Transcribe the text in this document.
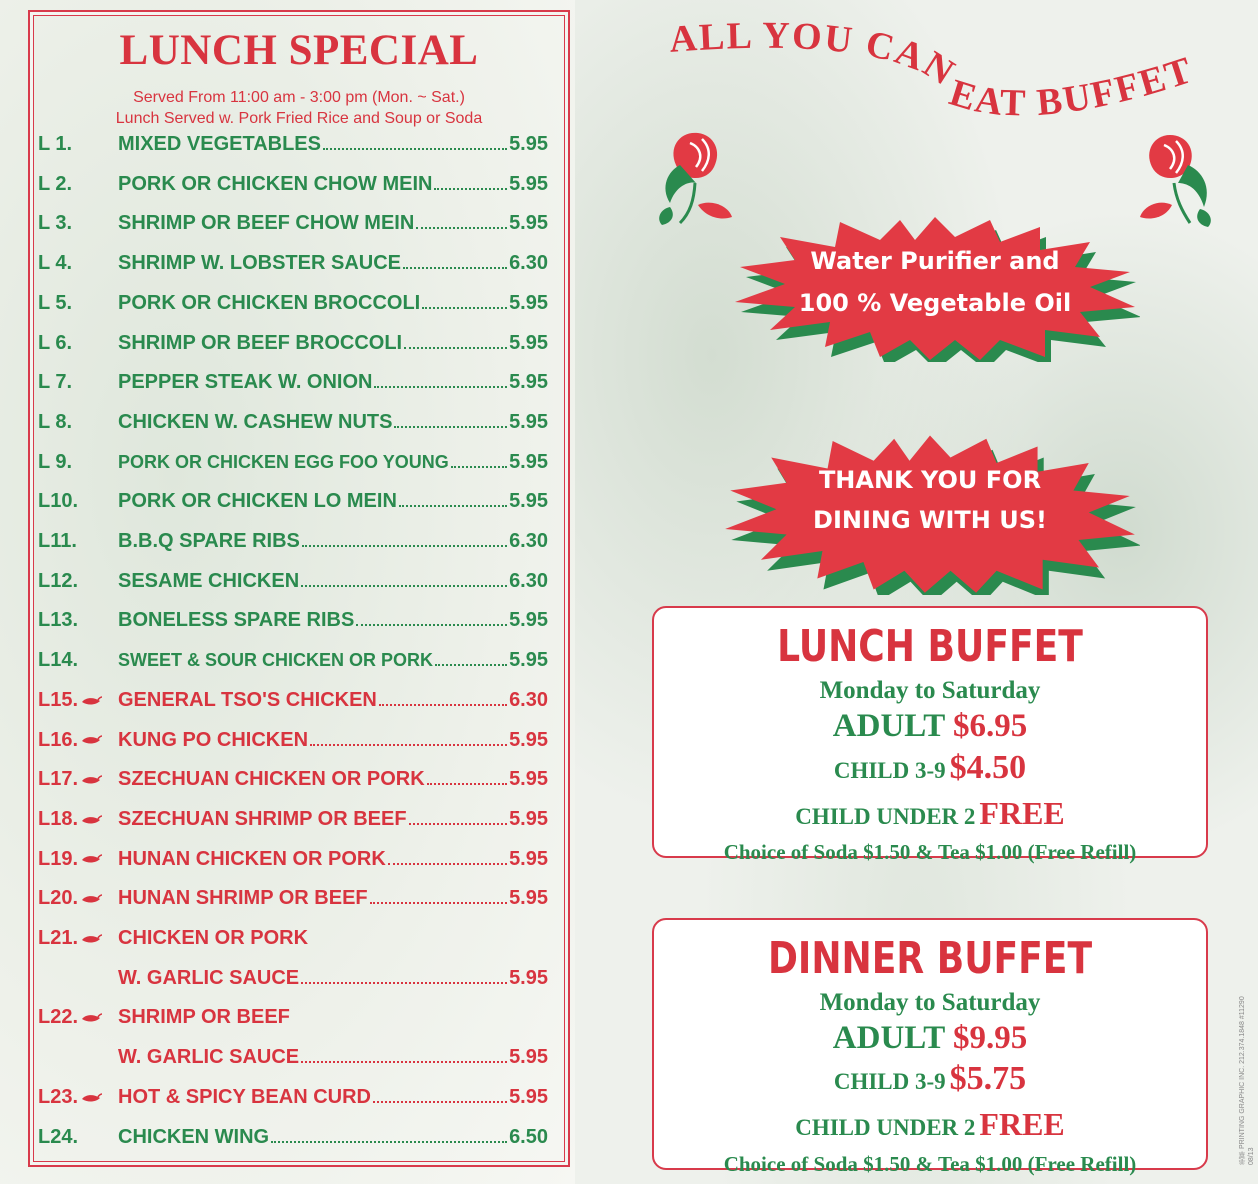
LUNCH SPECIAL
Served From 11:00 am - 3:00 pm (Mon. ~ Sat.)
Lunch Served w. Pork Fried Rice and Soup or Soda
L 1. MIXED VEGETABLES	5.95
L 2. PORK OR CHICKEN CHOW MEIN	5.95
L 3. SHRIMP OR BEEF CHOW MEIN	5.95
L 4. SHRIMP W. LOBSTER SAUCE	6.30
L 5. PORK OR CHICKEN BROCCOLI	5.95
L 6. SHRIMP OR BEEF BROCCOLI	5.95
L 7. PEPPER STEAK W. ONION	5.95
L 8. CHICKEN W. CASHEW NUTS	5.95
L 9.	PORK OR CHICKEN EGG FOO YOUNG	5.95
L10. PORK OR CHICKEN LO MEIN	5.95
L11. B.B.Q SPARE RIBS	6.30
L12. SESAME CHICKEN	6.30
L13. BONELESS SPARE RIBS	5.95
L14. SWEET & SOUR CHICKEN OR PORK	5.95
L15. GENERAL TSO'S CHICKEN	6.30
L16. KUNG PO CHICKEN	5.95
L17. SZECHUAN CHICKEN OR PORK	5.95
L18. SZECHUAN SHRIMP OR BEEF	5.95
L19. HUNAN CHICKEN OR PORK	5.95
L20. HUNAN SHRIMP OR BEEF	5.95
L21. CHICKEN OR PORK
W. GARLIC SAUCE	5.95
L22. SHRIMP OR BEEF
W. GARLIC SAUCE	5.95
L23. HOT & SPICY BEAN CURD	5.95
L24. CHICKEN WING	6.50
ALL YOU CAN EAT BUFFET
Water Purifier and
100 % Vegetable Oil
THANK YOU FOR
DINING WITH US!
LUNCH BUFFET
Monday to Saturday
ADULT $6.95
CHILD 3-9 $4.50
CHILD UNDER 2 FREE
Choice of Soda $1.50 & Tea $1.00 (Free Refill)
DINNER BUFFET
Monday to Saturday
ADULT $9.95
CHILD 3-9 $5.75
CHILD UNDER 2 FREE
Choice of Soda $1.50 & Tea $1.00 (Free Refill)	美華 PRINTING GRAPHIC INC. 212.374.1848 #11290 08/13
